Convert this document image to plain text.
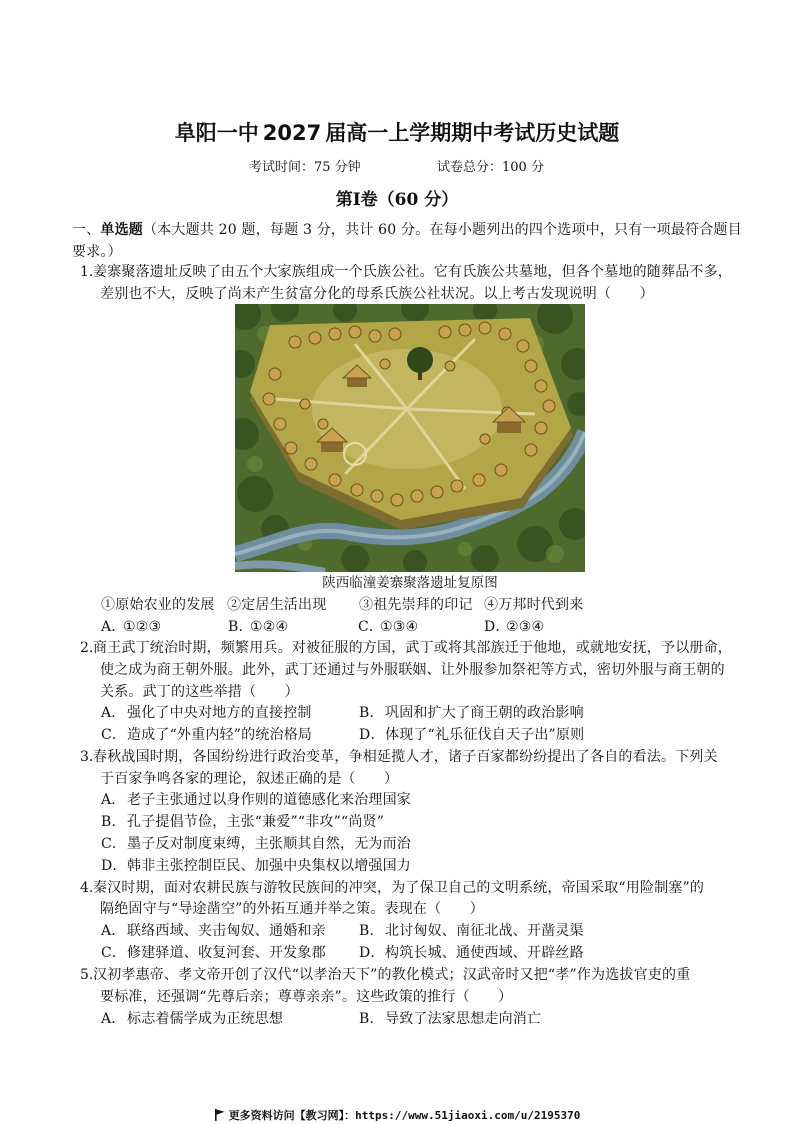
阜阳一中 2027 届高一上学期期中考试历史试题
考试时间：75 分钟	试卷总分：100 分
第Ⅰ卷（60 分）
一、单选题（本大题共 20 题，每题 3 分，共计 60 分。在每小题列出的四个选项中，只有一项最符合题目
要求。）
1. 姜寨聚落遗址反映了由五个大家族组成一个氏族公社。它有氏族公共墓地，但各个墓地的随葬品不多，
差别也不大，反映了尚未产生贫富分化的母系氏族公社状况。以上考古发现说明（　　）
陕西临潼姜寨聚落遗址复原图
①原始农业的发展 ②定居生活出现 ③祖先崇拜的印记 ④万邦时代到来
A．①②③	B．①②④	C．①③④	D．②③④
2. 商王武丁统治时期，频繁用兵。对被征服的方国，武丁或将其部族迁于他地，或就地安抚，予以册命，
使之成为商王朝外服。此外，武丁还通过与外服联姻、让外服参加祭祀等方式，密切外服与商王朝的
关系。武丁的这些举措（　　）
A．强化了中央对地方的直接控制	B．巩固和扩大了商王朝的政治影响
C．造成了“外重内轻”的统治格局	D．体现了“礼乐征伐自天子出”原则
3. 春秋战国时期，各国纷纷进行政治变革，争相延揽人才，诸子百家都纷纷提出了各自的看法。下列关
于百家争鸣各家的理论，叙述正确的是（　　）
A．老子主张通过以身作则的道德感化来治理国家
B．孔子提倡节俭，主张“兼爱”“非攻”“尚贤”
C．墨子反对制度束缚，主张顺其自然，无为而治
D．韩非主张控制臣民、加强中央集权以增强国力
4. 秦汉时期，面对农耕民族与游牧民族间的冲突，为了保卫自己的文明系统，帝国采取“用险制塞”的
隔绝固守与“导途凿空”的外拓互通并举之策。表现在（　　）
A．联络西域、夹击匈奴、通婚和亲 B．北讨匈奴、南征北战、开凿灵渠
C．修建驿道、收复河套、开发象郡 D．构筑长城、通使西域、开辟丝路
5. 汉初孝惠帝、孝文帝开创了汉代“以孝治天下”的教化模式；汉武帝时又把“孝”作为选拔官吏的重
要标准，还强调“先尊后亲；尊尊亲亲”。这些政策的推行（　　）
A．标志着儒学成为正统思想	B．导致了法家思想走向消亡
更多资料访问【教习网】：https://www.51jiaoxi.com/u/2195370
